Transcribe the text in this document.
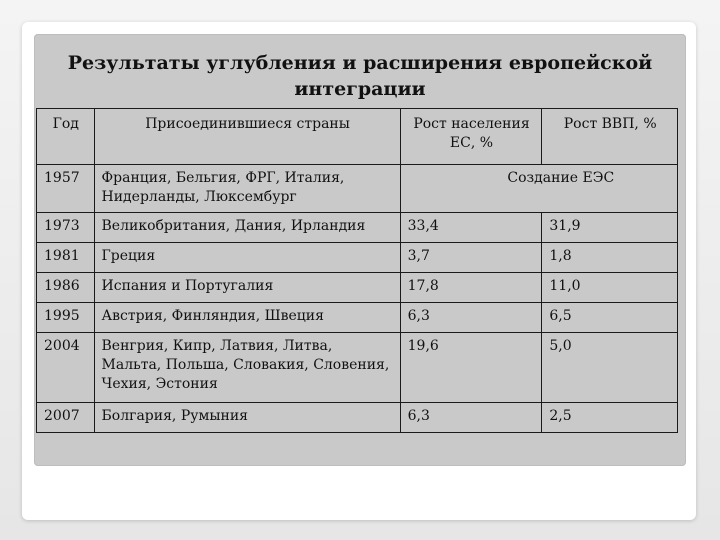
Результаты углубления и расширения европейской интеграции
Год	Присоединившиеся страны	Рост населения ЕС, %	Рост ВВП, %
1957	Франция, Бельгия, ФРГ, Италия, Нидерланды, Люксембург	Создание ЕЭС	
1973	Великобритания, Дания, Ирландия	33,4	31,9
1981	Греция	3,7	1,8
1986	Испания и Португалия	17,8	11,0
1995	Австрия, Финляндия, Швеция	6,3	6,5
2004	Венгрия, Кипр, Латвия, Литва, Мальта, Польша, Словакия, Словения, Чехия, Эстония	19,6	5,0
2007	Болгария, Румыния	6,3	2,5
